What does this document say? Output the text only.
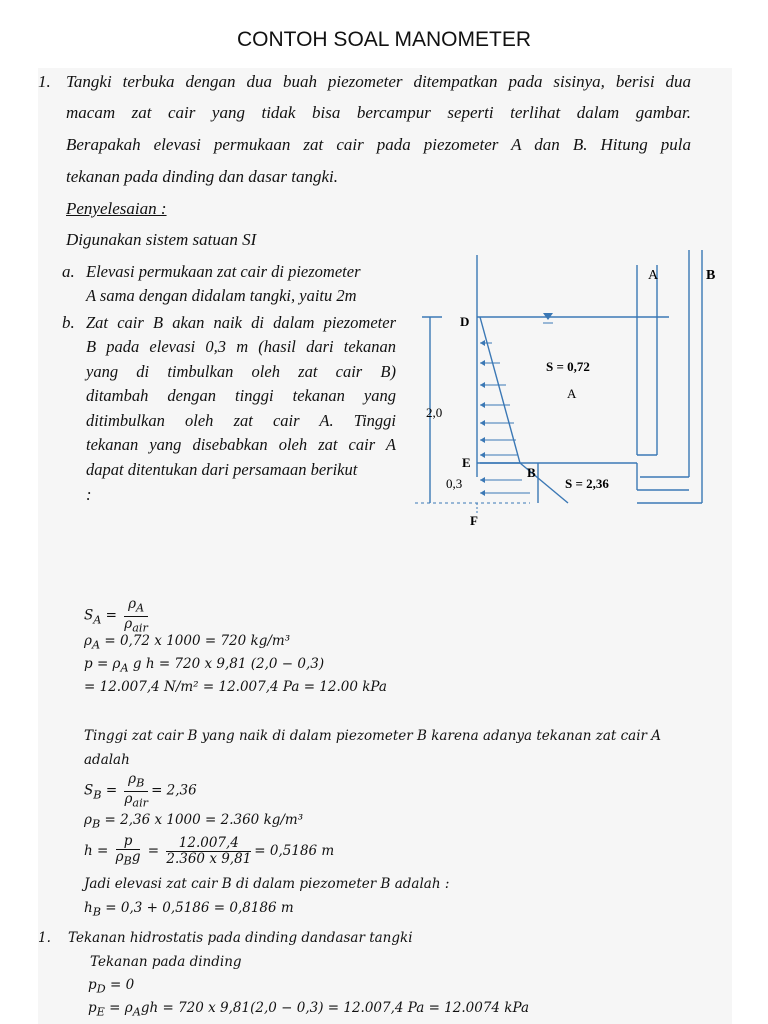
CONTOH SOAL MANOMETER
1. Tangki terbuka dengan dua buah piezometer ditempatkan pada sisinya, berisi dua
macam zat cair yang tidak bisa bercampur seperti terlihat dalam gambar.
Berapakah elevasi permukaan zat cair pada piezometer A dan B. Hitung pula
tekanan pada dinding dan dasar tangki.
Penyelesaian :
Digunakan sistem satuan SI
a. Elevasi permukaan zat cair di piezometer
A sama dengan didalam tangki, yaitu 2m
b. Zat cair B akan naik di dalam piezometer
B pada elevasi 0,3 m (hasil dari tekanan
yang di timbulkan oleh zat cair B)
ditambah dengan tinggi tekanan yang
ditimbulkan oleh zat cair A. Tinggi
tekanan yang disebabkan oleh zat cair A
dapat ditentukan dari persamaan berikut
:
A	B
D
E
F
B
S = 0,72
A
S = 2,36
2,0
0,3
$S_A = \frac{\rho_A}{\rho_{air}}$
$\rho_A = 0,72$ x 1000 = 720 kg/m³
$p = \rho_A$ g h = 720 x 9,81 (2,0 − 0,3)
= 12.007,4 N/m² = 12.007,4 Pa = 12.00 kPa
Tinggi zat cair B yang naik di dalam piezometer B karena adanya tekanan zat cair A
adalah
$S_B = \frac{\rho_B}{\rho_{air}} = 2,36$
$\rho_B = 2,36$ x 1000 = 2.360 kg/m³
$h = \frac{p}{\rho_Bg} = \frac{12.007,4}{2.360 x 9,81} = 0,5186$ m
Jadi elevasi zat cair B di dalam piezometer B adalah :
$h_B = 0,3 + 0,5186 = 0,8186$ m
1. Tekanan hidrostatis pada dinding dandasar tangki
Tekanan pada dinding
$p_D = 0$
$p_E = \rho_Agh = 720$ x 9,81(2,0 − 0,3) = 12.007,4 Pa = 12.0074 kPa
